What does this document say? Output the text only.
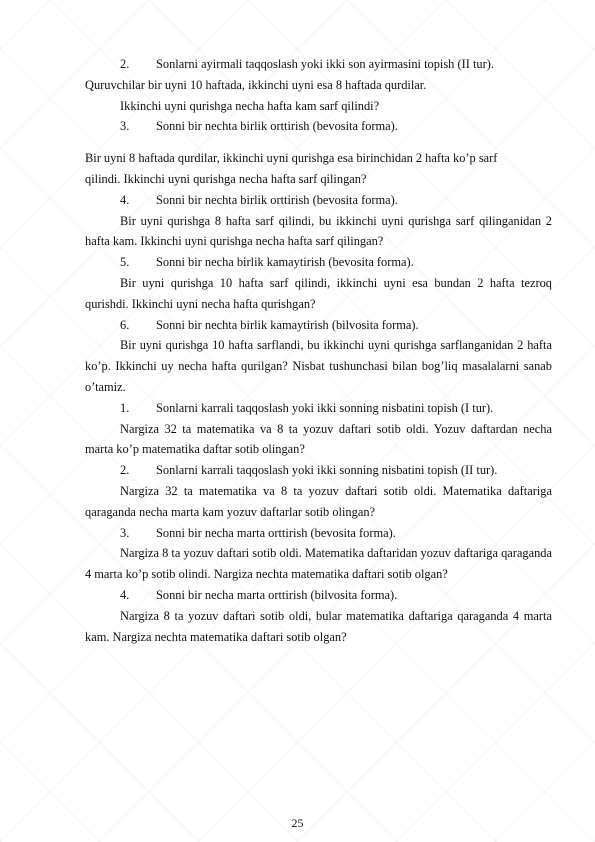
2.	Sonlarni ayirmali taqqoslash yoki ikki son ayirmasini topish (II tur).

Quruvchilar bir uyni 10 haftada, ikkinchi uyni esa 8 haftada qurdilar.

Ikkinchi uyni qurishga necha hafta kam sarf qilindi?

3.	Sonni bir nechta birlik orttirish (bevosita forma).

Bir uyni 8 haftada qurdilar, ikkinchi uyni qurishga esa birinchidan 2 hafta ko’p sarf

qilindi. Ikkinchi uyni qurishga necha hafta sarf qilingan?

4.	Sonni bir nechta birlik orttirish (bevosita forma).

Bir uyni qurishga 8 hafta sarf qilindi, bu ikkinchi uyni qurishga sarf qilinganidan 2 hafta kam. Ikkinchi uyni qurishga necha hafta sarf qilingan?

5.	Sonni bir necha birlik kamaytirish (bevosita forma).

Bir uyni qurishga 10 hafta sarf qilindi, ikkinchi uyni esa bundan 2 hafta tezroq qurishdi. Ikkinchi uyni necha hafta qurishgan?

6.	Sonni bir nechta birlik kamaytirish (bilvosita forma).

Bir uyni qurishga 10 hafta sarflandi, bu ikkinchi uyni qurishga sarflanganidan 2 hafta ko’p. Ikkinchi uy necha hafta qurilgan? Nisbat tushunchasi bilan bog’liq masalalarni sanab o’tamiz.

1.	Sonlarni karrali taqqoslash yoki ikki sonning nisbatini topish (I tur).

Nargiza 32 ta matematika va 8 ta yozuv daftari sotib oldi. Yozuv daftardan necha marta ko’p matematika daftar sotib olingan?

2.	Sonlarni karrali taqqoslash yoki ikki sonning nisbatini topish (II tur).

Nargiza 32 ta matematika va 8 ta yozuv daftari sotib oldi. Matematika daftariga qaraganda necha marta kam yozuv daftarlar sotib olingan?

3.	Sonni bir necha marta orttirish (bevosita forma).

Nargiza 8 ta yozuv daftari sotib oldi. Matematika daftaridan yozuv daftariga qaraganda 4 marta ko’p sotib olindi. Nargiza nechta matematika daftari sotib olgan?

4.	Sonni bir necha marta orttirish (bilvosita forma).

Nargiza 8 ta yozuv daftari sotib oldi, bular matematika daftariga qaraganda 4 marta kam. Nargiza nechta matematika daftari sotib olgan?

25
